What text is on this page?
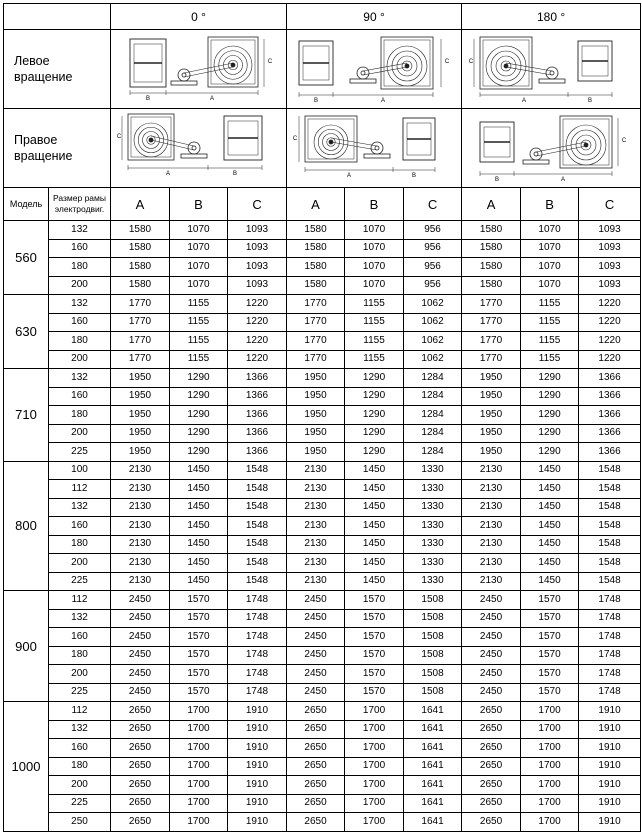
		0 °			90 °			180 °		
Левое
вращение		C
B A			C
B A			C
A B		

Правое
вращение		C
A B			C
A B			C
B A		

Модель	Размер рамы электродвиг.	A	B	C	A	B	C	A	B	C
560	132	1580	1070	1093	1580	1070	956	1580	1070	1093
	160	1580	1070	1093	1580	1070	956	1580	1070	1093
	180	1580	1070	1093	1580	1070	956	1580	1070	1093
	200	1580	1070	1093	1580	1070	956	1580	1070	1093
630	132	1770	1155	1220	1770	1155	1062	1770	1155	1220
	160	1770	1155	1220	1770	1155	1062	1770	1155	1220
	180	1770	1155	1220	1770	1155	1062	1770	1155	1220
	200	1770	1155	1220	1770	1155	1062	1770	1155	1220
710	132	1950	1290	1366	1950	1290	1284	1950	1290	1366
	160	1950	1290	1366	1950	1290	1284	1950	1290	1366
	180	1950	1290	1366	1950	1290	1284	1950	1290	1366
	200	1950	1290	1366	1950	1290	1284	1950	1290	1366
	225	1950	1290	1366	1950	1290	1284	1950	1290	1366
800	100	2130	1450	1548	2130	1450	1330	2130	1450	1548
	112	2130	1450	1548	2130	1450	1330	2130	1450	1548
	132	2130	1450	1548	2130	1450	1330	2130	1450	1548
	160	2130	1450	1548	2130	1450	1330	2130	1450	1548
	180	2130	1450	1548	2130	1450	1330	2130	1450	1548
	200	2130	1450	1548	2130	1450	1330	2130	1450	1548
	225	2130	1450	1548	2130	1450	1330	2130	1450	1548
900	112	2450	1570	1748	2450	1570	1508	2450	1570	1748
	132	2450	1570	1748	2450	1570	1508	2450	1570	1748
	160	2450	1570	1748	2450	1570	1508	2450	1570	1748
	180	2450	1570	1748	2450	1570	1508	2450	1570	1748
	200	2450	1570	1748	2450	1570	1508	2450	1570	1748
	225	2450	1570	1748	2450	1570	1508	2450	1570	1748
1000	112	2650	1700	1910	2650	1700	1641	2650	1700	1910
	132	2650	1700	1910	2650	1700	1641	2650	1700	1910
	160	2650	1700	1910	2650	1700	1641	2650	1700	1910
	180	2650	1700	1910	2650	1700	1641	2650	1700	1910
	200	2650	1700	1910	2650	1700	1641	2650	1700	1910
	225	2650	1700	1910	2650	1700	1641	2650	1700	1910
	250	2650	1700	1910	2650	1700	1641	2650	1700	1910
